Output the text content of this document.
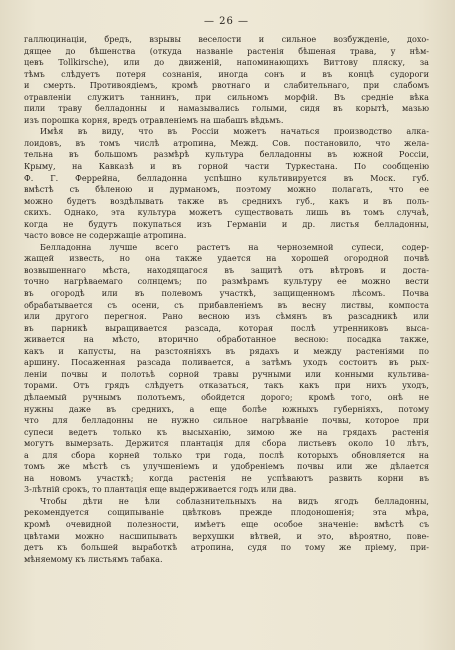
— 26 —

галлюцинаціи, бредъ, взрывы веселости и сильное возбужденіе, дохо-

дящее до бѣшенства (откуда названіе растенія бѣшеная трава, у нѣм-

цевъ Tollkirsche), или до движеній, напоминающихъ Виттову пляску, за

тѣмъ слѣдуетъ потеря сознанія, иногда сонъ и въ концѣ судороги

и смерть. Противоядіемъ, кромѣ рвотнаго и слабительнаго, при слабомъ

отравленіи служитъ таннинъ, при сильномъ морфій. Въ средніе вѣка

пили траву белладонны и намазывались голыми, сидя въ корытѣ, мазью

изъ порошка корня, вредъ отравленіемъ на шабашъ вѣдьмъ.

Имѣя въ виду, что въ Россіи можетъ начаться производство алка-

лоидовъ, въ томъ числѣ атропина, Межд. Сов. постановило, что жела-

тельна въ большомъ размѣрѣ культура белладонны въ южной Россіи,

Крыму, на Кавказѣ и въ горной части Туркестана. По сообщенію

Ф. Г. Феррейна, белладонна успѣшно культивируется въ Моск. губ.

вмѣстѣ съ бѣленою и дурманомъ, поэтому можно полагать, что ее

можно будетъ воздѣлывать также въ среднихъ губ., какъ и въ поль-

скихъ. Однако, эта культура можетъ существовать лишь въ томъ случаѣ,

когда не будутъ покупаться изъ Германіи и др. листья белладонны,

часто вовсе не содержащіе атропина.

Белладонна лучше всего растетъ на черноземной супеси, содер-

жащей известь, но она также удается на хорошей огородной почвѣ

возвышеннаго мѣста, находящагося въ защитѣ отъ вѣтровъ и доста-

точно нагрѣваемаго солнцемъ; по размѣрамъ культуру ее можно вести

въ огородѣ или въ полевомъ участкѣ, защищенномъ лѣсомъ. Почва

обрабатывается съ осени, съ прибавленіемъ въ весну листвы, компоста

или другого перегноя. Рано весною изъ сѣмянъ въ разсадникѣ или

въ парникѣ выращивается разсада, которая послѣ утренниковъ выса-

живается на мѣсто, вторично обработанное весною: посадка также,

какъ и капусты, на разстояніяхъ въ рядахъ и между растеніями по

аршину. Посаженная разсада поливается, а затѣмъ уходъ состоитъ въ рых-

леніи почвы и полотьѣ сорной травы ручными или конными культива-

торами. Отъ грядъ слѣдуетъ отказаться, такъ какъ при нихъ уходъ,

дѣлаемый ручнымъ полотьемъ, обойдется дорого; кромѣ того, онѣ не

нужны даже въ среднихъ, а еще болѣе южныхъ губерніяхъ, потому

что для белладонны не нужно сильное нагрѣваніе почвы, которое при

супеси ведетъ только къ высыханію, зимою же на грядахъ растенія

могутъ вымерзать. Держится плантація для сбора листьевъ около 10 лѣтъ,

а для сбора корней только три года, послѣ которыхъ обновляется на

томъ же мѣстѣ съ улучшеніемъ и удобреніемъ почвы или же дѣлается

на новомъ участкѣ; когда растенія не успѣваютъ развить корни въ

3-лѣтній срокъ, то плантація еще выдерживается годъ или два.

Чтобы дѣти не ѣли соблазнительныхъ на видъ ягодъ белладонны,

рекомендуется сощипываніе цвѣтковъ прежде плодоношенія; эта мѣра,

кромѣ очевидной полезности, имѣетъ еще особое значеніе: вмѣстѣ съ

цвѣтами можно насшипывать верхушки вѣтвей, и это, вѣроятно, пове-

детъ къ большей выработкѣ атропина, судя по тому же пріему, при-

мѣняемому къ листьямъ табака.
